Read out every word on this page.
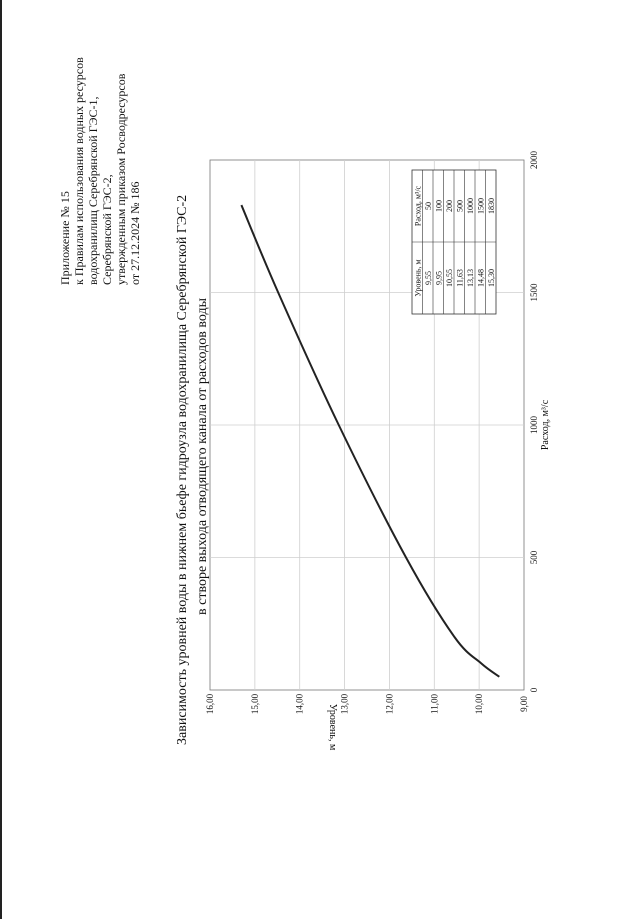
Приложение № 15 к Правилам использования водных ресурсов водохранилищ Серебрянской ГЭС-1, Серебрянской ГЭС-2, утвержденным приказом Росводресурсов от 27.12.2024 № 186 Зависимость уровней воды в нижнем бьефе гидроузла водохранилища Серебрянской ГЭС-2 в створе выхода отводящего канала от расходов воды
0
500
1000
1500
2000
9,00
10,00
11,00
12,00
13,00
14,00
15,00
16,00
Расход, м³/с
Уровень, м
Уровень, м
Расход, м³/с
9,55
50
9,95
100
10,55
200
11,63
500
13,13
1000
14,48
1500
15,30
1830
